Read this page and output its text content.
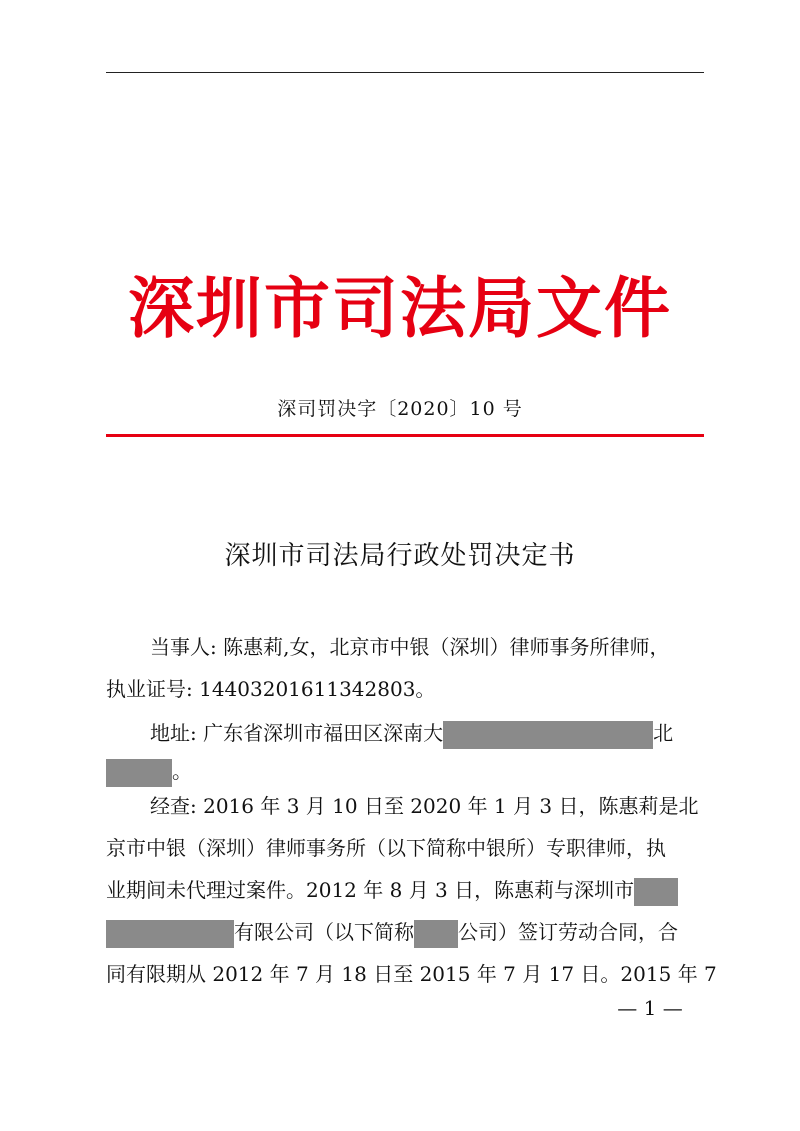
深圳市司法局文件
深司罚决字〔2020〕10 号
深圳市司法局行政处罚决定书
当事人: 陈惠莉,女，北京市中银（深圳）律师事务所律师，
执业证号: 14403201611342803。
地址: 广东省深圳市福田区深南大	北
。
经查: 2016 年 3 月 10 日至 2020 年 1 月 3 日，陈惠莉是北
京市中银（深圳）律师事务所（以下简称中银所）专职律师，执
业期间未代理过案件。2012 年 8 月 3 日，陈惠莉与深圳市
有限公司（以下简称 公司）签订劳动合同，合
同有限期从 2012 年 7 月 18 日至 2015 年 7 月 17 日。2015 年 7
— 1 —
